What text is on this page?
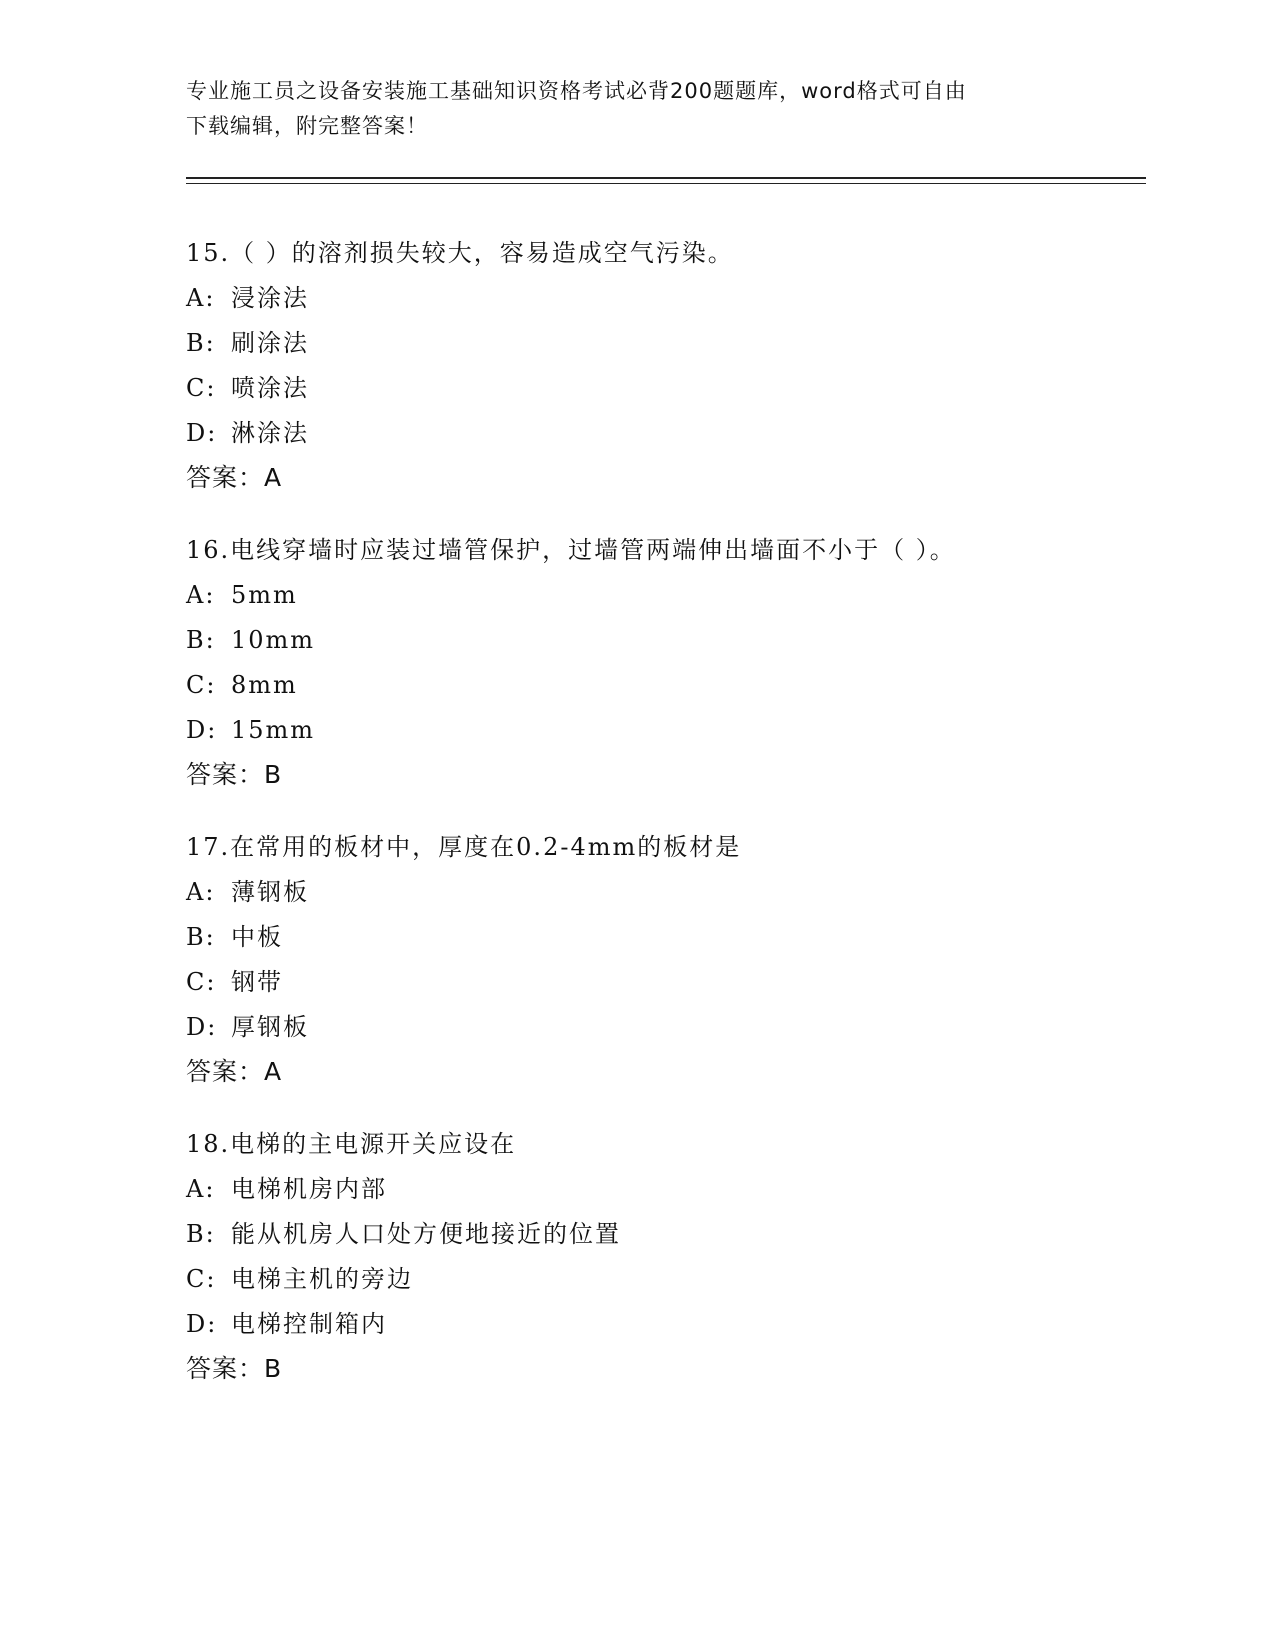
专业施工员之设备安装施工基础知识资格考试必背200题题库，word格式可自由
下载编辑，附完整答案！
15.（ ）的溶剂损失较大，容易造成空气污染。
A: 浸涂法
B: 刷涂法
C: 喷涂法
D: 淋涂法
答案：A
16.电线穿墙时应装过墙管保护，过墙管两端伸出墙面不小于（ ）。
A: 5mm
B: 10mm
C: 8mm
D: 15mm
答案：B
17.在常用的板材中，厚度在0.2-4mm的板材是
A: 薄钢板
B: 中板
C: 钢带
D: 厚钢板
答案：A
18.电梯的主电源开关应设在
A: 电梯机房内部
B: 能从机房人口处方便地接近的位置
C: 电梯主机的旁边
D: 电梯控制箱内
答案：B
